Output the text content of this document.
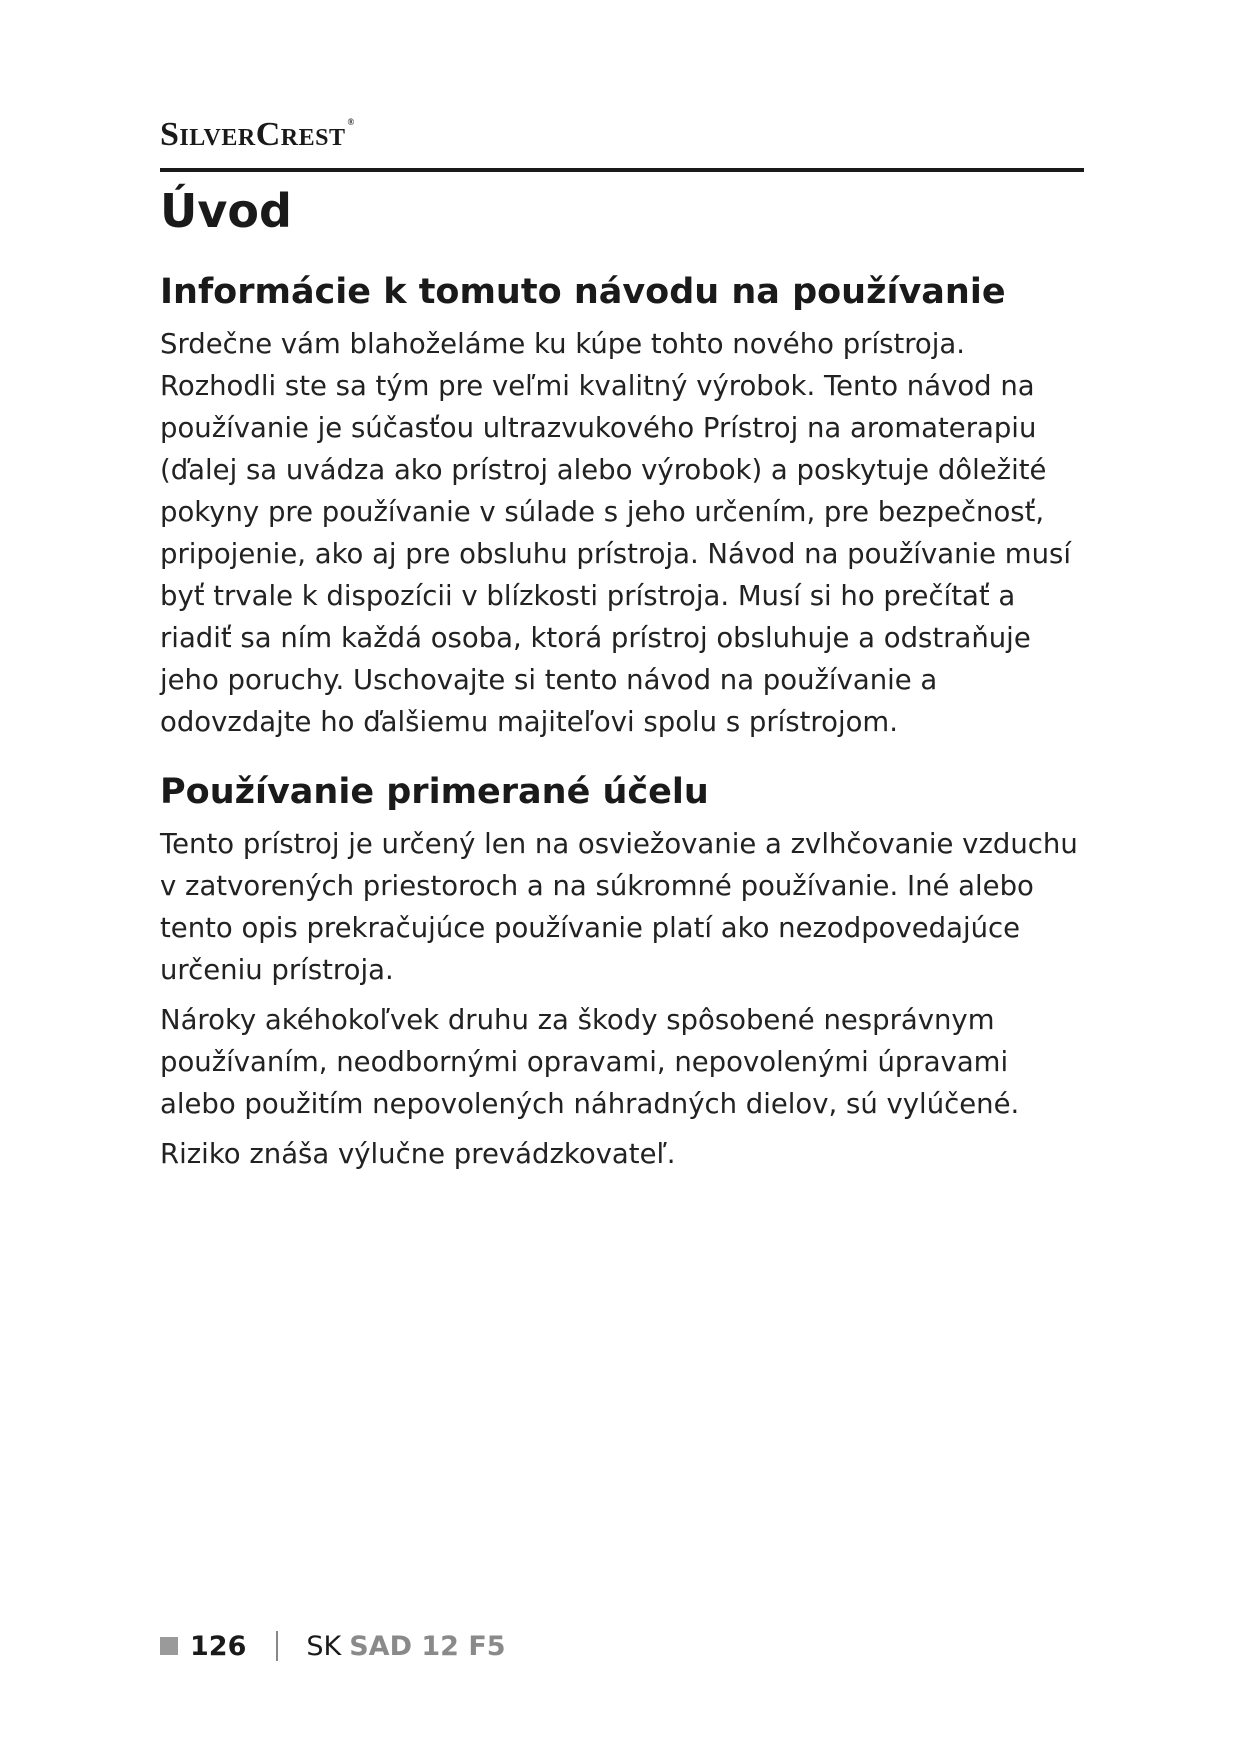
SilverCrest ®
Úvod
Informácie k tomuto návodu na používanie

Srdečne vám blahoželáme ku kúpe tohto nového prístroja. Rozhodli ste sa tým pre veľmi kvalitný výrobok. Tento návod na používanie je súčasťou ultrazvukového Prístroj na aromaterapiu (ďalej sa uvádza ako prístroj alebo výrobok) a poskytuje dôležité pokyny pre používanie v súlade s jeho určením, pre bezpečnosť, pripojenie, ako aj pre obsluhu prístroja. Návod na používanie musí byť trvale k dispozícii v blízkosti prístroja. Musí si ho prečítať a riadiť sa ním každá osoba, ktorá prístroj obsluhuje a odstraňuje jeho poruchy. Uschovajte si tento návod na používanie a odovzdajte ho ďalšiemu majiteľovi spolu s prístrojom.

Používanie primerané účelu

Tento prístroj je určený len na osviežovanie a zvlhčovanie vzduchu v zatvorených priestoroch a na súkromné používanie. Iné alebo tento opis prekračujúce používanie platí ako nezodpovedajúce určeniu prístroja.

Nároky akéhokoľvek druhu za škody spôsobené nesprávnym používaním, neodbornými opravami, nepovolenými úpravami alebo použitím nepovolených náhradných dielov, sú vylúčené.

Riziko znáša výlučne prevádzkovateľ.

126 SK SAD 12 F5
